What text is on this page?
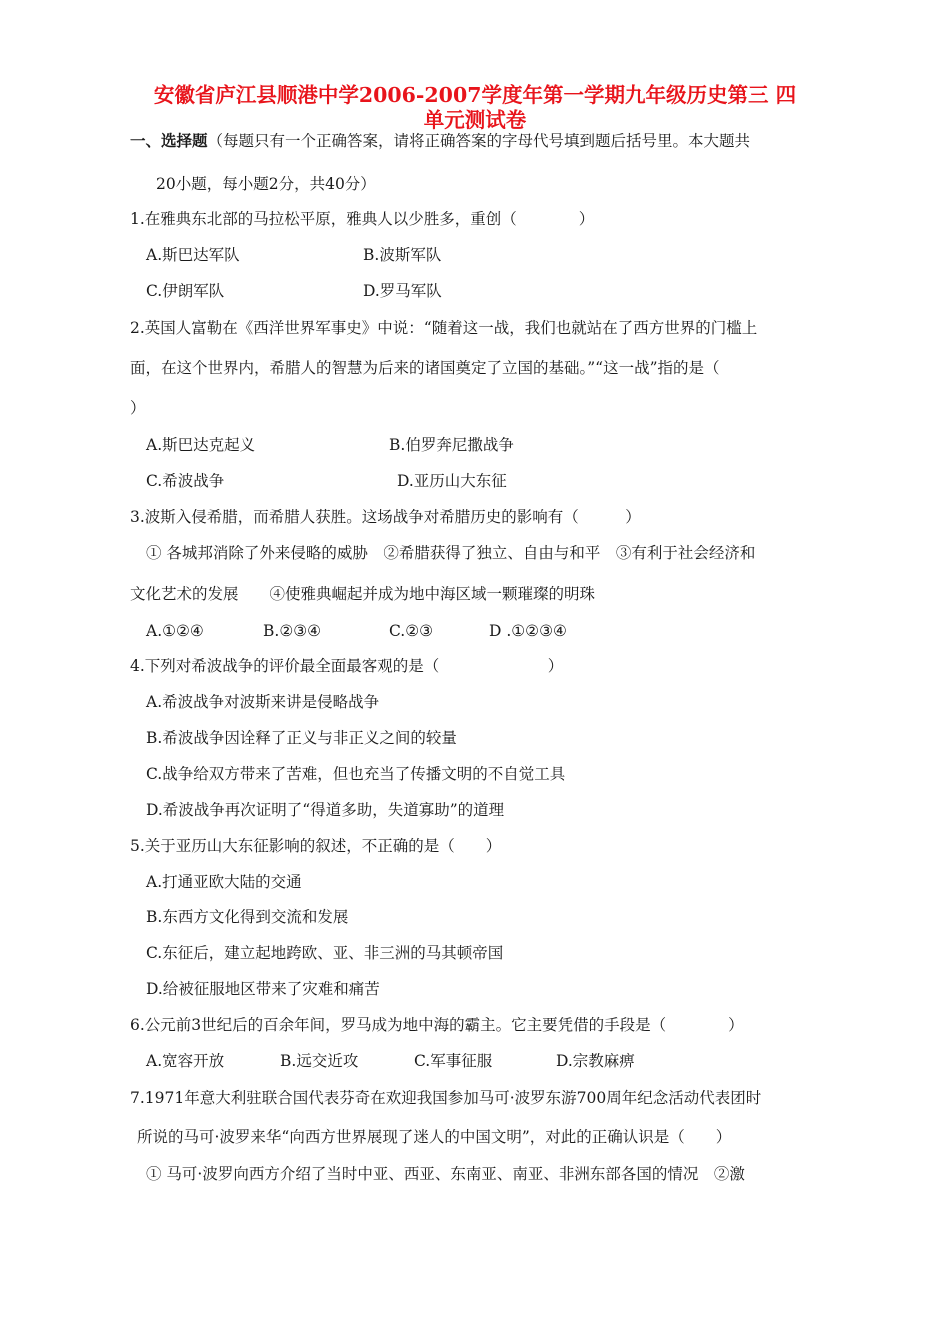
安徽省庐江县顺港中学2006-2007学度年第一学期九年级历史第三 四
单元测试卷
一、选择题（每题只有一个正确答案，请将正确答案的字母代号填到题后括号里。本大题共
20小题，每小题2分，共40分）
1.在雅典东北部的马拉松平原，雅典人以少胜多，重创（　　　　）
A.斯巴达军队	B.波斯军队
C.伊朗军队	D.罗马军队
2.英国人富勒在《西洋世界军事史》中说：“随着这一战，我们也就站在了西方世界的门槛上
面，在这个世界内，希腊人的智慧为后来的诸国奠定了立国的基础。”“这一战”指的是（
）
A.斯巴达克起义	B.伯罗奔尼撒战争
C.希波战争	D.亚历山大东征
3.波斯入侵希腊，而希腊人获胜。这场战争对希腊历史的影响有（　　　）
① 各城邦消除了外来侵略的威胁　②希腊获得了独立、自由与和平　③有利于社会经济和
文化艺术的发展　　④使雅典崛起并成为地中海区域一颗璀璨的明珠
A.①②④	B.②③④	C.②③	D .①②③④
4.下列对希波战争的评价最全面最客观的是（　　　　　　　）
A.希波战争对波斯来讲是侵略战争
B.希波战争因诠释了正义与非正义之间的较量
C.战争给双方带来了苦难，但也充当了传播文明的不自觉工具
D.希波战争再次证明了“得道多助，失道寡助”的道理
5.关于亚历山大东征影响的叙述，不正确的是（　　）
A.打通亚欧大陆的交通
B.东西方文化得到交流和发展
C.东征后，建立起地跨欧、亚、非三洲的马其顿帝国
D.给被征服地区带来了灾难和痛苦
6.公元前3世纪后的百余年间，罗马成为地中海的霸主。它主要凭借的手段是（　　　　）
A.宽容开放	B.远交近攻	C.军事征服	D.宗教麻痹
7.1971年意大利驻联合国代表芬奇在欢迎我国参加马可·波罗东游700周年纪念活动代表团时
所说的马可·波罗来华“向西方世界展现了迷人的中国文明”，对此的正确认识是（　　）
① 马可·波罗向西方介绍了当时中亚、西亚、东南亚、南亚、非洲东部各国的情况　②激
